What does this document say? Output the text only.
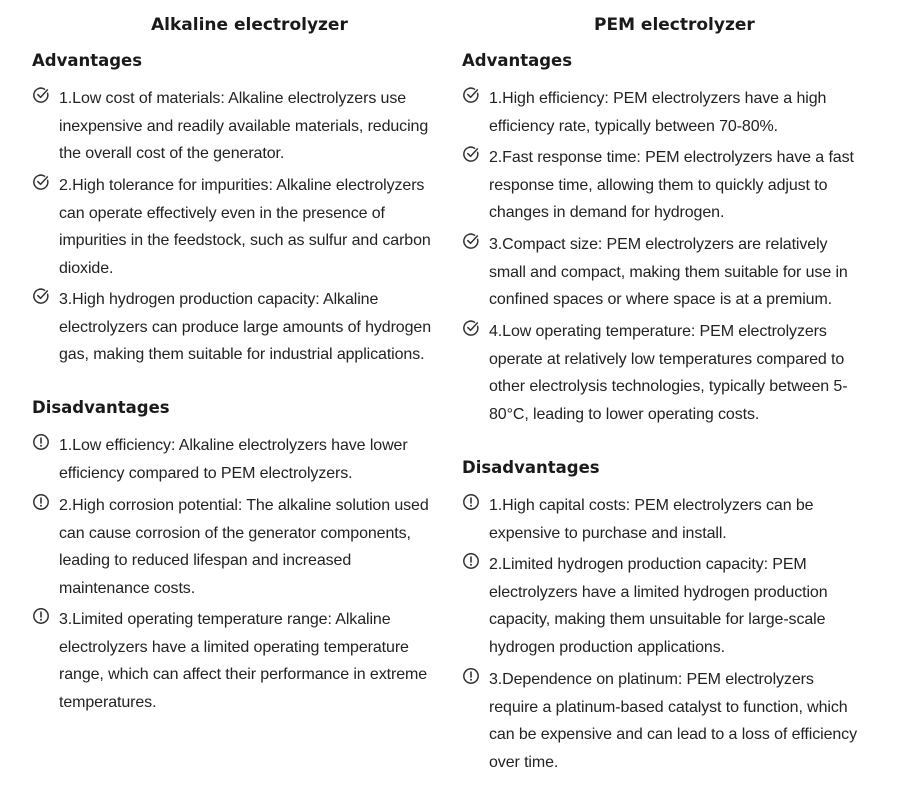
Alkaline electrolyzer
Advantages
1.Low cost of materials: Alkaline electrolyzers use inexpensive and readily available materials, reducing the overall cost of the generator.
2.High tolerance for impurities: Alkaline electrolyzers can operate effectively even in the presence of impurities in the feedstock, such as sulfur and carbon dioxide.
3.High hydrogen production capacity: Alkaline electrolyzers can produce large amounts of hydrogen gas, making them suitable for industrial applications.
Disadvantages
1.Low efficiency: Alkaline electrolyzers have lower efficiency compared to PEM electrolyzers.
2.High corrosion potential: The alkaline solution used can cause corrosion of the generator components, leading to reduced lifespan and increased maintenance costs.
3.Limited operating temperature range: Alkaline electrolyzers have a limited operating temperature range, which can affect their performance in extreme temperatures.
PEM electrolyzer
Advantages
1.High efficiency: PEM electrolyzers have a high efficiency rate, typically between 70-80%.
2.Fast response time: PEM electrolyzers have a fast response time, allowing them to quickly adjust to changes in demand for hydrogen.
3.Compact size: PEM electrolyzers are relatively small and compact, making them suitable for use in confined spaces or where space is at a premium.
4.Low operating temperature: PEM electrolyzers operate at relatively low temperatures compared to other electrolysis technologies, typically between 5-80°C, leading to lower operating costs.
Disadvantages
1.High capital costs: PEM electrolyzers can be expensive to purchase and install.
2.Limited hydrogen production capacity: PEM electrolyzers have a limited hydrogen production capacity, making them unsuitable for large-scale hydrogen production applications.
3.Dependence on platinum: PEM electrolyzers require a platinum-based catalyst to function, which can be expensive and can lead to a loss of efficiency over time.
